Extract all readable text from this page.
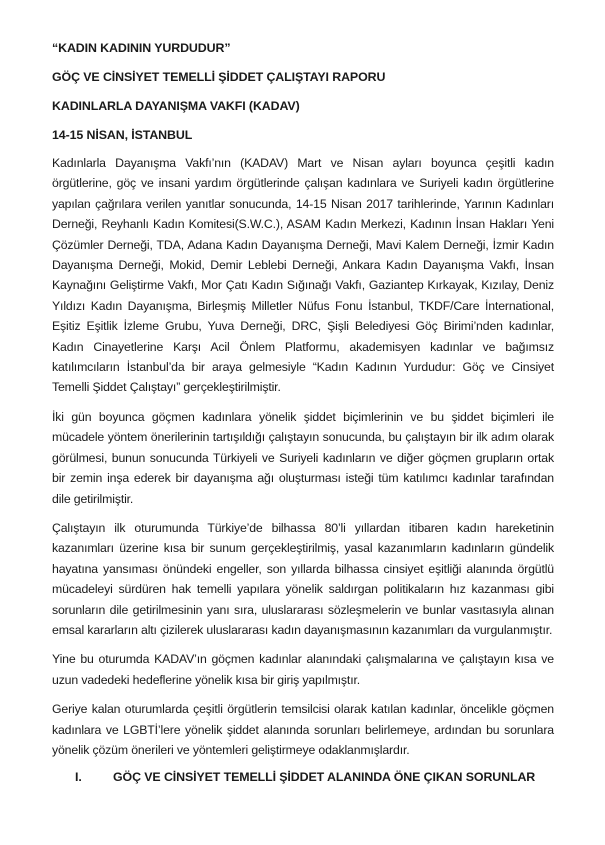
“KADIN KADININ YURDUDUR”
GÖÇ VE CİNSİYET TEMELLİ ŞİDDET ÇALIŞTAYI RAPORU
KADINLARLA DAYANIŞMA VAKFI (KADAV)
14-15 NİSAN, İSTANBUL

Kadınlarla Dayanışma Vakfı’nın (KADAV) Mart ve Nisan ayları boyunca çeşitli kadın örgütlerine, göç ve insani yardım örgütlerinde çalışan kadınlara ve Suriyeli kadın örgütlerine yapılan çağrılara verilen yanıtlar sonucunda, 14-15 Nisan 2017 tarihlerinde, Yarının Kadınları Derneği, Reyhanlı Kadın Komitesi(S.W.C.), ASAM Kadın Merkezi, Kadının İnsan Hakları Yeni Çözümler Derneği, TDA, Adana Kadın Dayanışma Derneği, Mavi Kalem Derneği, İzmir Kadın Dayanışma Derneği, Mokid, Demir Leblebi Derneği, Ankara Kadın Dayanışma Vakfı, İnsan Kaynağını Geliştirme Vakfı, Mor Çatı Kadın Sığınağı Vakfı, Gaziantep Kırkayak, Kızılay, Deniz Yıldızı Kadın Dayanışma, Birleşmiş Milletler Nüfus Fonu İstanbul, TKDF/Care İnternational, Eşitiz Eşitlik İzleme Grubu, Yuva Derneği, DRC, Şişli Belediyesi Göç Birimi’nden kadınlar, Kadın Cinayetlerine Karşı Acil Önlem Platformu, akademisyen kadınlar ve bağımsız katılımcıların İstanbul’da bir araya gelmesiyle “Kadın Kadının Yurdudur: Göç ve Cinsiyet Temelli Şiddet Çalıştayı” gerçekleştirilmiştir.

İki gün boyunca göçmen kadınlara yönelik şiddet biçimlerinin ve bu şiddet biçimleri ile mücadele yöntem önerilerinin tartışıldığı çalıştayın sonucunda, bu çalıştayın bir ilk adım olarak görülmesi, bunun sonucunda Türkiyeli ve Suriyeli kadınların ve diğer göçmen grupların ortak bir zemin inşa ederek bir dayanışma ağı oluşturması isteği tüm katılımcı kadınlar tarafından dile getirilmiştir.

Çalıştayın ilk oturumunda Türkiye’de bilhassa 80’li yıllardan itibaren kadın hareketinin kazanımları üzerine kısa bir sunum gerçekleştirilmiş, yasal kazanımların kadınların gündelik hayatına yansıması önündeki engeller, son yıllarda bilhassa cinsiyet eşitliği alanında örgütlü mücadeleyi sürdüren hak temelli yapılara yönelik saldırgan politikaların hız kazanması gibi sorunların dile getirilmesinin yanı sıra, uluslararası sözleşmelerin ve bunlar vasıtasıyla alınan emsal kararların altı çizilerek uluslararası kadın dayanışmasının kazanımları da vurgulanmıştır.

Yine bu oturumda KADAV’ın göçmen kadınlar alanındaki çalışmalarına ve çalıştayın kısa ve uzun vadedeki hedeflerine yönelik kısa bir giriş yapılmıştır.

Geriye kalan oturumlarda çeşitli örgütlerin temsilcisi olarak katılan kadınlar, öncelikle göçmen kadınlara ve LGBTİ’lere yönelik şiddet alanında sorunları belirlemeye, ardından bu sorunlara yönelik çözüm önerileri ve yöntemleri geliştirmeye odaklanmışlardır.

I.	GÖÇ VE CİNSİYET TEMELLİ ŞİDDET ALANINDA ÖNE ÇIKAN SORUNLAR
